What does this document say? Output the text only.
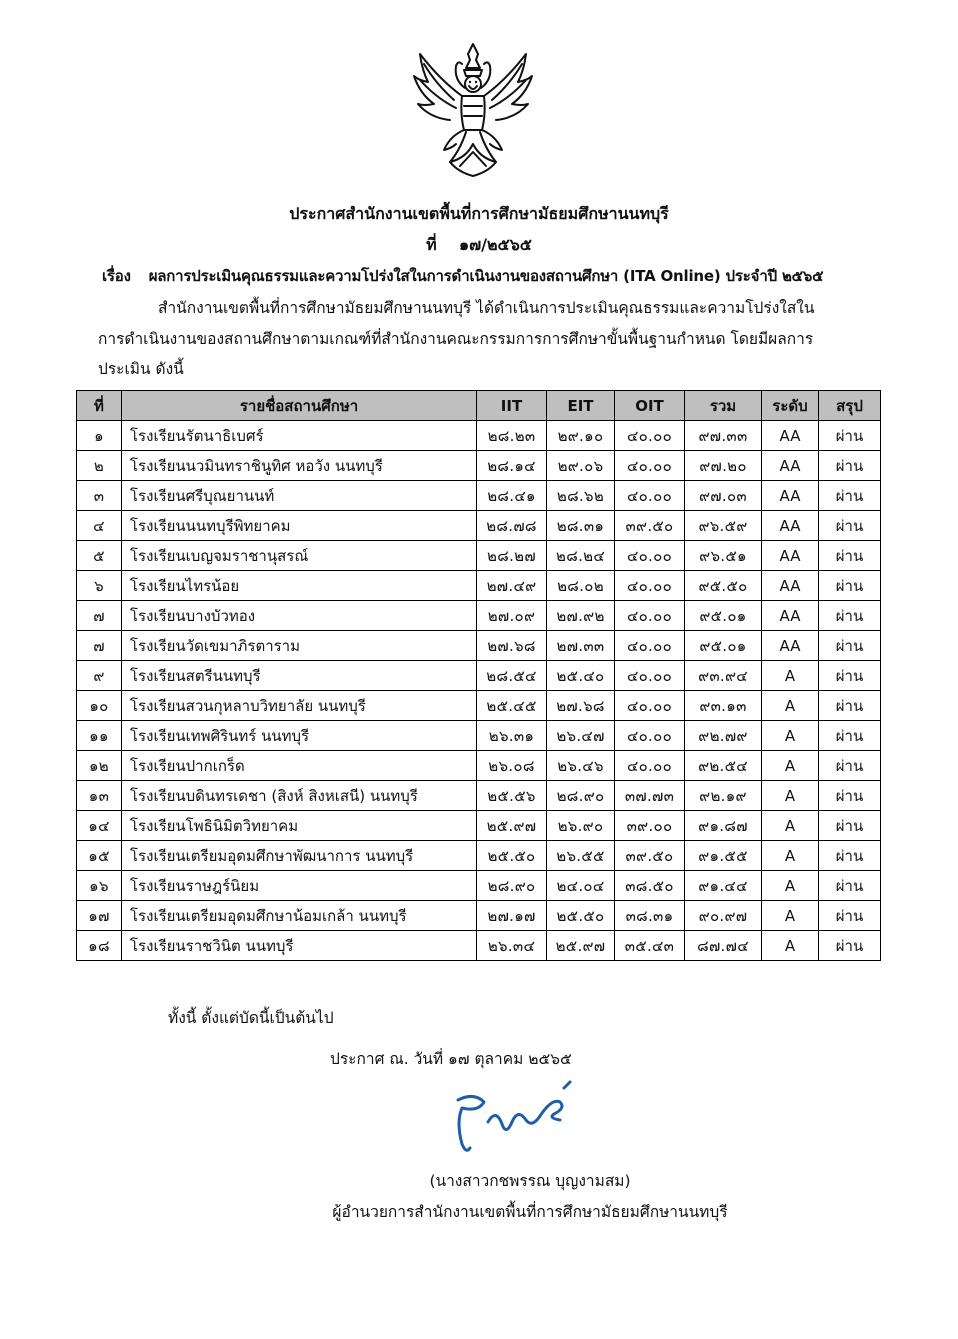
ประกาศสำนักงานเขตพื้นที่การศึกษามัธยมศึกษานนทบุรี
ที่ ๑๗/๒๕๖๕
เรื่อง ผลการประเมินคุณธรรมและความโปร่งใสในการดำเนินงานของสถานศึกษา (ITA Online) ประจำปี ๒๕๖๕
สำนักงานเขตพื้นที่การศึกษามัธยมศึกษานนทบุรี ได้ดำเนินการประเมินคุณธรรมและความโปร่งใสใน
การดำเนินงานของสถานศึกษาตามเกณฑ์ที่สำนักงานคณะกรรมการการศึกษาขั้นพื้นฐานกำหนด โดยมีผลการ
ประเมิน ดังนี้
ที่	รายชื่อสถานศึกษา	IIT	EIT	OIT	รวม	ระดับ	สรุป
๑	โรงเรียนรัตนาธิเบศร์	๒๘.๒๓	๒๙.๑๐	๔๐.๐๐	๙๗.๓๓	AA	ผ่าน
๒	โรงเรียนนวมินทราชินูทิศ หอวัง นนทบุรี	๒๘.๑๔	๒๙.๐๖	๔๐.๐๐	๙๗.๒๐	AA	ผ่าน
๓	โรงเรียนศรีบุณยานนท์	๒๘.๔๑	๒๘.๖๒	๔๐.๐๐	๙๗.๐๓	AA	ผ่าน
๔	โรงเรียนนนทบุรีพิทยาคม	๒๘.๗๘	๒๘.๓๑	๓๙.๕๐	๙๖.๕๙	AA	ผ่าน
๕	โรงเรียนเบญจมราชานุสรณ์	๒๘.๒๗	๒๘.๒๔	๔๐.๐๐	๙๖.๕๑	AA	ผ่าน
๖	โรงเรียนไทรน้อย	๒๗.๔๙	๒๘.๐๒	๔๐.๐๐	๙๕.๕๐	AA	ผ่าน
๗	โรงเรียนบางบัวทอง	๒๗.๐๙	๒๗.๙๒	๔๐.๐๐	๙๕.๐๑	AA	ผ่าน
๗	โรงเรียนวัดเขมาภิรตาราม	๒๗.๖๘	๒๗.๓๓	๔๐.๐๐	๙๕.๐๑	AA	ผ่าน
๙	โรงเรียนสตรีนนทบุรี	๒๘.๕๔	๒๕.๔๐	๔๐.๐๐	๙๓.๙๔	A	ผ่าน
๑๐	โรงเรียนสวนกุหลาบวิทยาลัย นนทบุรี	๒๕.๔๕	๒๗.๖๘	๔๐.๐๐	๙๓.๑๓	A	ผ่าน
๑๑	โรงเรียนเทพศิรินทร์ นนทบุรี	๒๖.๓๑	๒๖.๔๗	๔๐.๐๐	๙๒.๗๙	A	ผ่าน
๑๒	โรงเรียนปากเกร็ด	๒๖.๐๘	๒๖.๔๖	๔๐.๐๐	๙๒.๕๔	A	ผ่าน
๑๓	โรงเรียนบดินทรเดชา (สิงห์ สิงหเสนี) นนทบุรี	๒๕.๕๖	๒๘.๙๐	๓๗.๗๓	๙๒.๑๙	A	ผ่าน
๑๔	โรงเรียนโพธินิมิตวิทยาคม	๒๕.๙๗	๒๖.๙๐	๓๙.๐๐	๙๑.๘๗	A	ผ่าน
๑๕	โรงเรียนเตรียมอุดมศึกษาพัฒนาการ นนทบุรี	๒๕.๕๐	๒๖.๕๕	๓๙.๕๐	๙๑.๕๕	A	ผ่าน
๑๖	โรงเรียนราษฎร์นิยม	๒๘.๙๐	๒๔.๐๔	๓๘.๕๐	๙๑.๔๔	A	ผ่าน
๑๗	โรงเรียนเตรียมอุดมศึกษาน้อมเกล้า นนทบุรี	๒๗.๑๗	๒๕.๕๐	๓๘.๓๑	๙๐.๙๗	A	ผ่าน
๑๘	โรงเรียนราชวินิต นนทบุรี	๒๖.๓๔	๒๕.๙๗	๓๕.๔๓	๘๗.๗๔	A	ผ่าน
ทั้งนี้ ตั้งแต่บัดนี้เป็นต้นไป
ประกาศ ณ. วันที่ ๑๗ ตุลาคม ๒๕๖๕
(นางสาวกชพรรณ บุญงามสม)
ผู้อำนวยการสำนักงานเขตพื้นที่การศึกษามัธยมศึกษานนทบุรี
